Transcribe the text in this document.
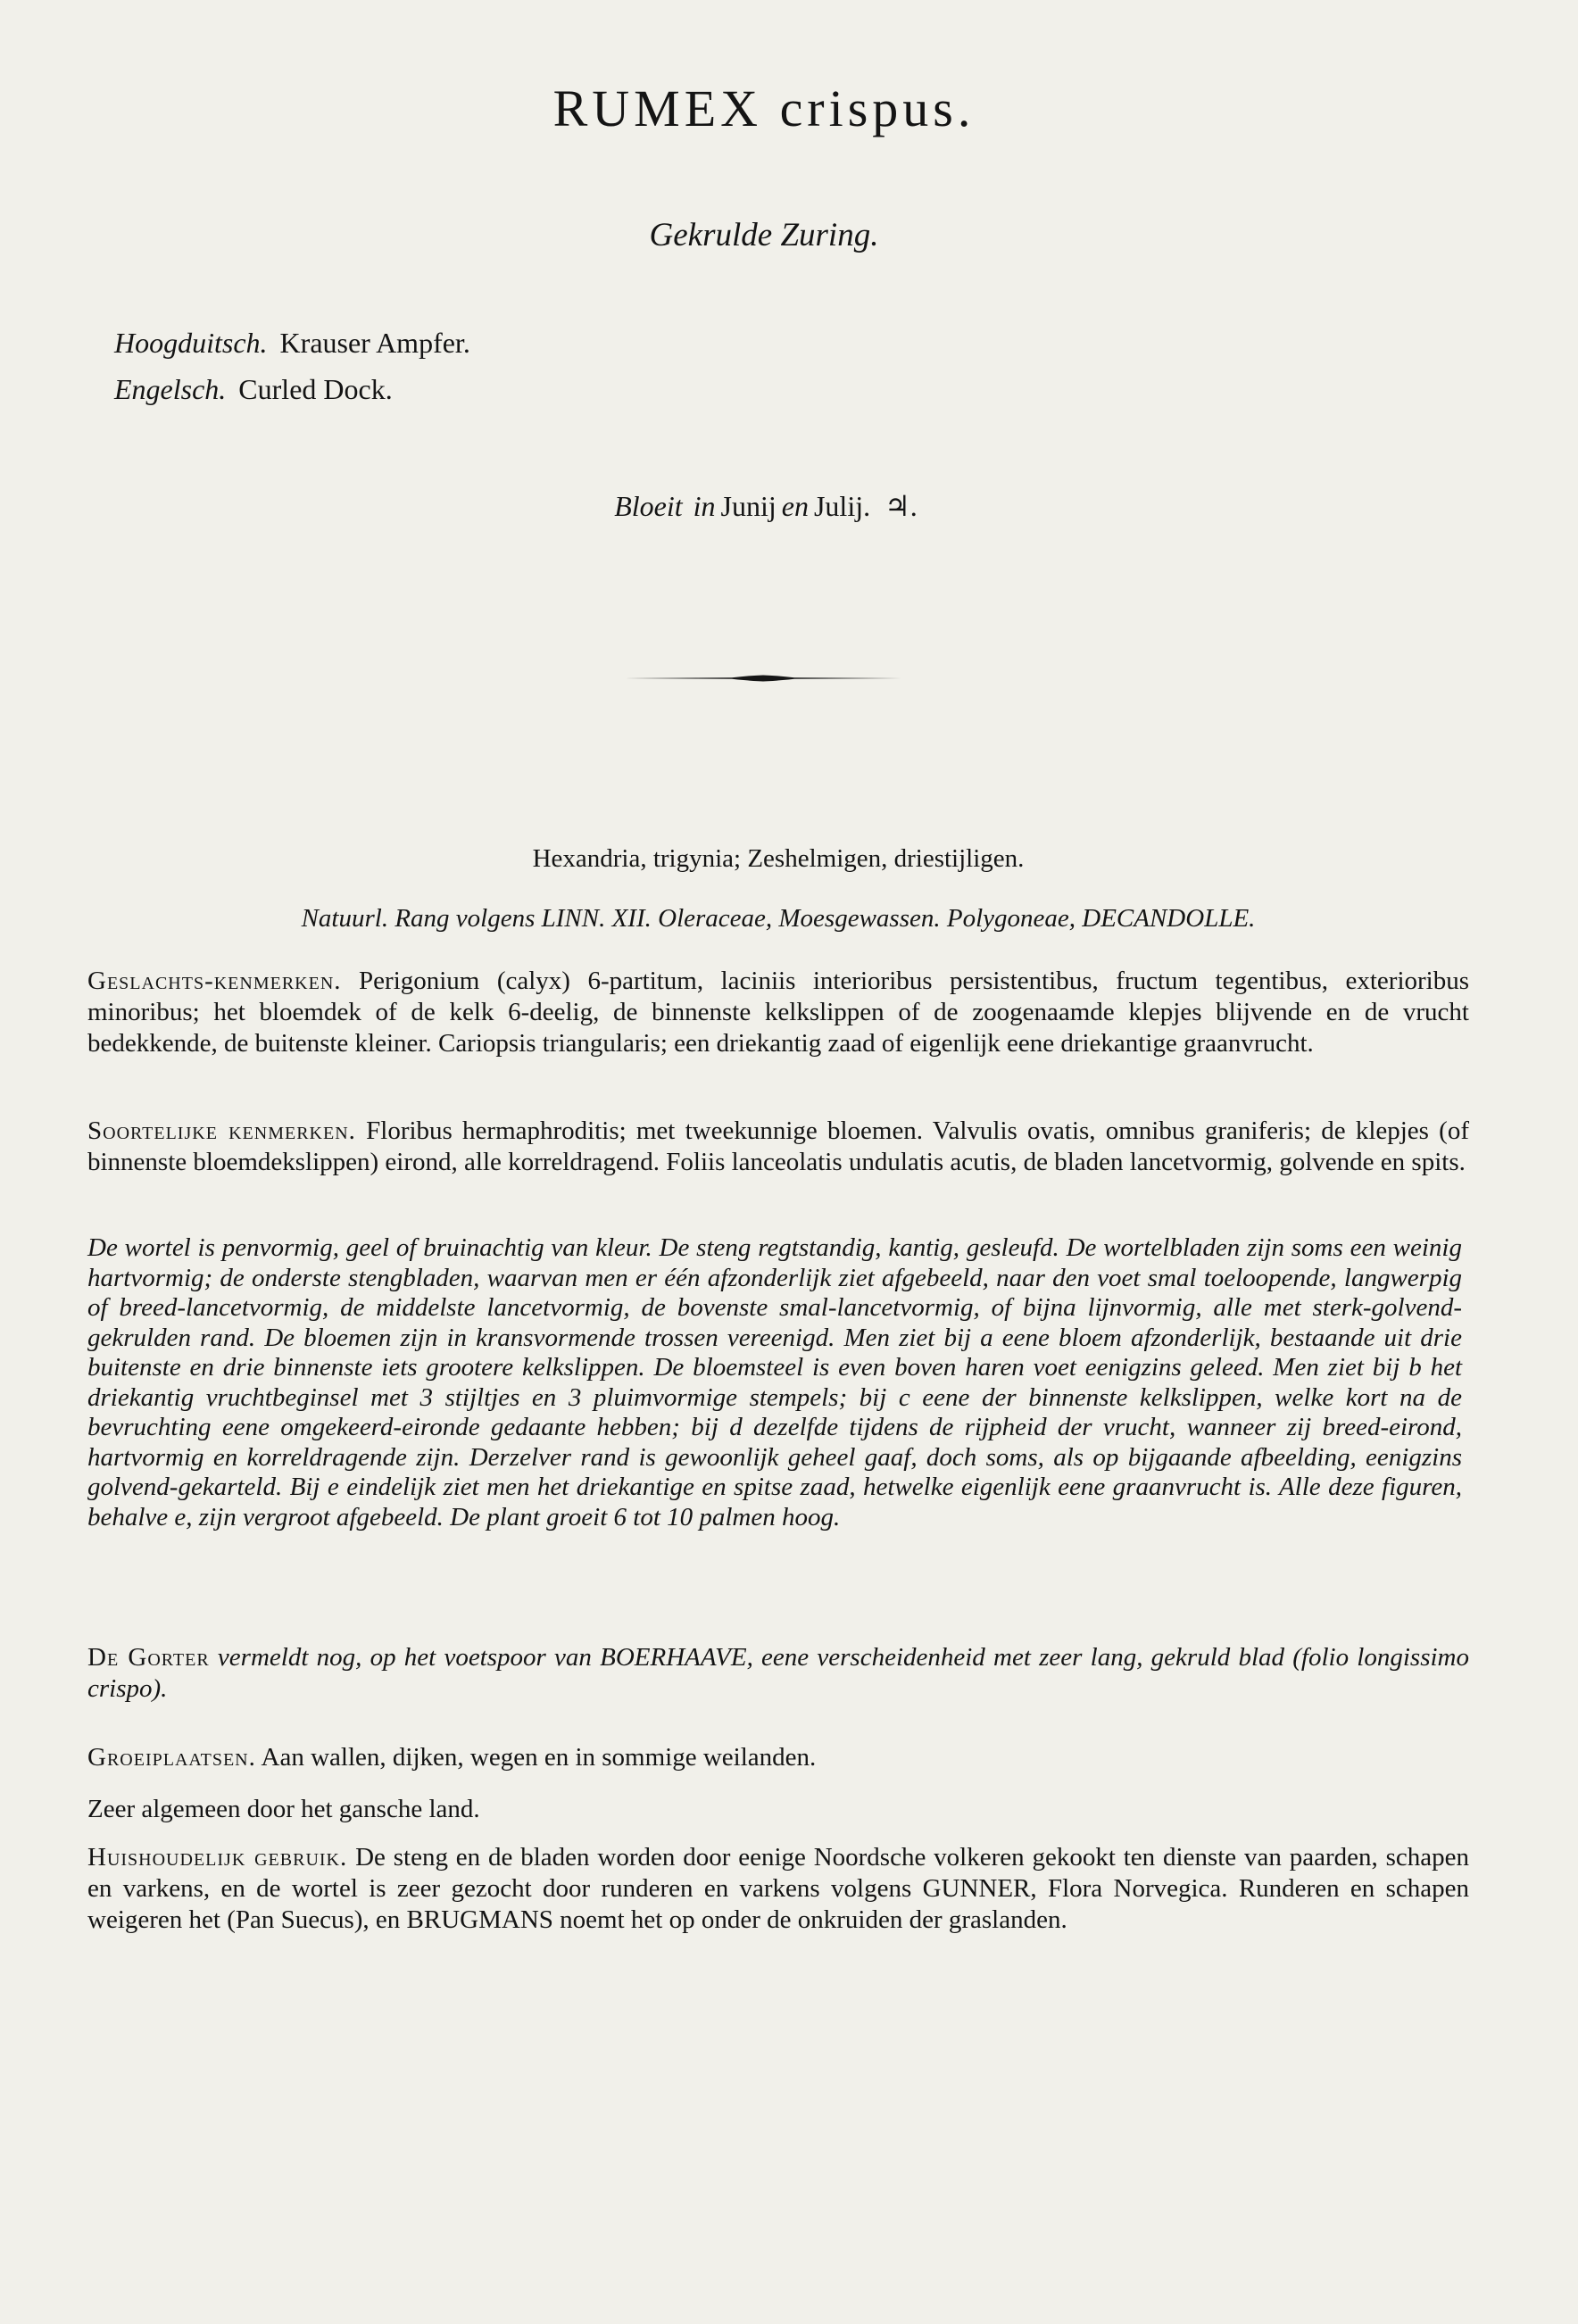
RUMEX crispus.
Gekrulde Zuring.
Hoogduitsch. Krauser Ampfer.
Engelsch. Curled Dock.
Bloeit in Junij en Julij. ♃.
Hexandria, trigynia; Zeshelmigen, driestijligen.
Natuurl. Rang volgens LINN. XII. Oleraceae, Moesgewassen. Polygoneae, DECANDOLLE.

Geslachts-kenmerken. Perigonium (calyx) 6-partitum, laciniis interioribus persistentibus, fructum tegentibus, exterioribus minoribus; het bloemdek of de kelk 6-deelig, de binnenste kelkslippen of de zoogenaamde klepjes blijvende en de vrucht bedekkende, de buitenste kleiner. Cariopsis triangularis; een driekantig zaad of eigenlijk eene driekantige graanvrucht.

Soortelijke kenmerken. Floribus hermaphroditis; met tweekunnige bloemen. Valvulis ovatis, omnibus graniferis; de klepjes (of binnenste bloemdekslippen) eirond, alle korreldragend. Foliis lanceolatis undulatis acutis, de bladen lancetvormig, golvende en spits.

De wortel is penvormig, geel of bruinachtig van kleur. De steng regtstandig, kantig, gesleufd. De wortelbladen zijn soms een weinig hartvormig; de onderste stengbladen, waarvan men er één afzonderlijk ziet afgebeeld, naar den voet smal toeloopende, langwerpig of breed-lancetvormig, de middelste lancetvormig, de bovenste smal-lancetvormig, of bijna lijnvormig, alle met sterk-golvend-gekrulden rand. De bloemen zijn in kransvormende trossen vereenigd. Men ziet bij a eene bloem afzonderlijk, bestaande uit drie buitenste en drie binnenste iets grootere kelkslippen. De bloemsteel is even boven haren voet eenigzins geleed. Men ziet bij b het driekantig vruchtbeginsel met 3 stijltjes en 3 pluimvormige stempels; bij c eene der binnenste kelkslippen, welke kort na de bevruchting eene omgekeerd-eironde gedaante hebben; bij d dezelfde tijdens de rijpheid der vrucht, wanneer zij breed-eirond, hartvormig en korreldragende zijn. Derzelver rand is gewoonlijk geheel gaaf, doch soms, als op bijgaande afbeelding, eenigzins golvend-gekarteld. Bij e eindelijk ziet men het driekantige en spitse zaad, hetwelke eigenlijk eene graanvrucht is. Alle deze figuren, behalve e, zijn vergroot afgebeeld. De plant groeit 6 tot 10 palmen hoog.

De Gorter vermeldt nog, op het voetspoor van BOERHAAVE, eene verscheidenheid met zeer lang, gekruld blad (folio longissimo crispo).

Groeiplaatsen. Aan wallen, dijken, wegen en in sommige weilanden.

Zeer algemeen door het gansche land.

Huishoudelijk gebruik. De steng en de bladen worden door eenige Noordsche volkeren gekookt ten dienste van paarden, schapen en varkens, en de wortel is zeer gezocht door runderen en varkens volgens GUNNER, Flora Norvegica. Runderen en schapen weigeren het (Pan Suecus), en BRUGMANS noemt het op onder de onkruiden der graslanden.
